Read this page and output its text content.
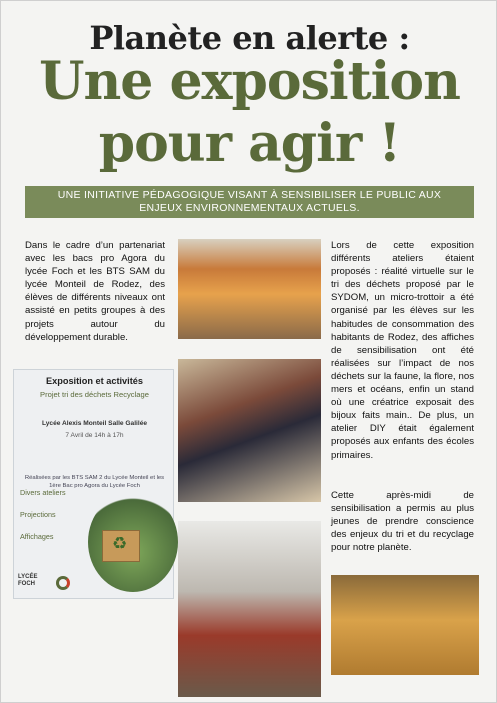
Planète en alerte :
Une exposition
pour agir !
UNE INITIATIVE PÉDAGOGIQUE VISANT À SENSIBILISER LE PUBLIC AUX
ENJEUX ENVIRONNEMENTAUX ACTUELS.
Dans le cadre d’un partenariat avec les bacs pro Agora du lycée Foch et les BTS SAM du lycée Monteil de Rodez, des élèves de différents niveaux ont assisté en petits groupes à des projets autour du développement durable.
Exposition et activités
Projet tri des déchets Recyclage
Lycée Alexis Monteil Salle Galilée
7 Avril de 14h à 17h
Réalisées par les BTS SAM 2 du Lycée Monteil et les 1ère Bac pro Agora du Lycée Foch
Divers ateliers
Projections
Affichages	♻
LYCÉE
FOCH
Lors de cette exposition différents ateliers étaient proposés : réalité virtuelle sur le tri des déchets proposé par le SYDOM, un micro-trottoir a été organisé par les élèves sur les habitudes de consommation des habitants de Rodez, des affiches de sensibilisation ont été réalisées sur l’impact de nos déchets sur la faune, la flore, nos mers et océans, enfin un stand où une créatrice exposait des bijoux faits main.. De plus, un atelier DIY était également proposés aux enfants des écoles primaires.
Cette après-midi de sensibilisation a permis au plus jeunes de prendre conscience des enjeux du tri et du recyclage pour notre planète.
